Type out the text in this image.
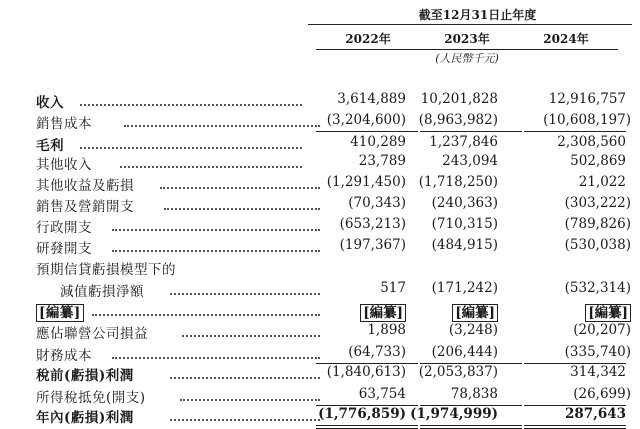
截至12月31日止年度
2022年	2023年	2024年
(人民幣千元)
收入	3,614,889	10,201,828	12,916,757
銷售成本	(3,204,600) (8,963,982)	(10,608,197)
毛利	410,289	1,237,846	2,308,560
其他收入	23,789	243,094	502,869
其他收益及虧損	(1,291,450) (1,718,250)	21,022
銷售及營銷開支	(70,343)	(240,363)	(303,222)
行政開支	(653,213)	(710,315)	(789,826)
研發開支	(197,367)	(484,915)	(530,038)
預期信貸虧損模型下的
減值虧損淨額	517	(171,242)	(532,314)
[編纂]	[編纂]	[編纂]	[編纂]
應佔聯營公司損益	1,898	(3,248)	(20,207)
財務成本	(64,733)	(206,444)	(335,740)
稅前(虧損)利潤	(1,840,613) (2,053,837)	314,342
所得稅抵免(開支)	63,754	78,838	(26,699)
年內(虧損)利潤	(1,776,859) (1,974,999)	287,643
